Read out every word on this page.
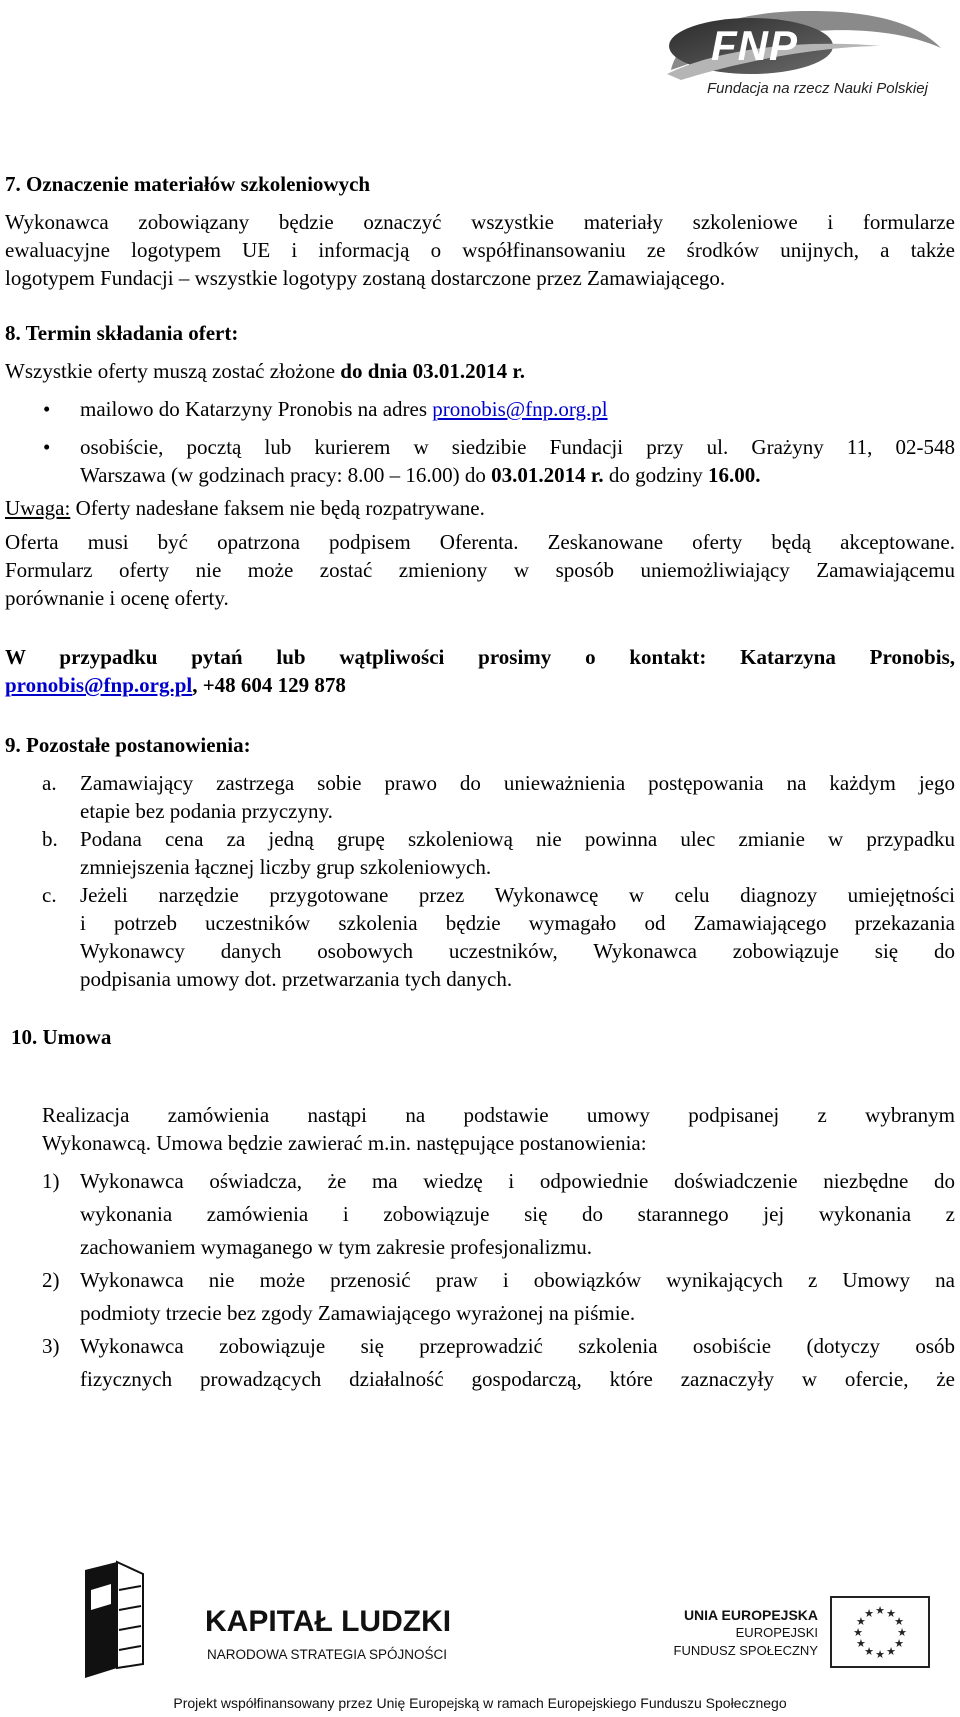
FNP
Fundacja na rzecz Nauki Polskiej

7. Oznaczenie materiałów szkoleniowych

Wykonawca zobowiązany będzie oznaczyć wszystkie materiały szkoleniowe i formularze

ewaluacyjne logotypem UE i informacją o współfinansowaniu ze środków unijnych, a także

logotypem Fundacji – wszystkie logotypy zostaną dostarczone przez Zamawiającego.

8. Termin składania ofert:

Wszystkie oferty muszą zostać złożone do dnia 03.01.2014 r.

• mailowo do Katarzyny Pronobis na adres pronobis@fnp.org.pl
• osobiście, pocztą lub kurierem w siedzibie Fundacji przy ul. Grażyny 11, 02-548

Warszawa (w godzinach pracy: 8.00 – 16.00) do 03.01.2014 r. do godziny 16.00.

Uwaga: Oferty nadesłane faksem nie będą rozpatrywane.

Oferta musi być opatrzona podpisem Oferenta. Zeskanowane oferty będą akceptowane.

Formularz oferty nie może zostać zmieniony w sposób uniemożliwiający Zamawiającemu

porównanie i ocenę oferty.

W przypadku pytań lub wątpliwości prosimy o kontakt: Katarzyna Pronobis,

pronobis@fnp.org.pl, +48 604 129 878

9. Pozostałe postanowienia:

a. Zamawiający zastrzega sobie prawo do unieważnienia postępowania na każdym jego

etapie bez podania przyczyny.

b. Podana cena za jedną grupę szkoleniową nie powinna ulec zmianie w przypadku

zmniejszenia łącznej liczby grup szkoleniowych.

c. Jeżeli narzędzie przygotowane przez Wykonawcę w celu diagnozy umiejętności

i potrzeb uczestników szkolenia będzie wymagało od Zamawiającego przekazania

Wykonawcy danych osobowych uczestników, Wykonawca zobowiązuje się do

podpisania umowy dot. przetwarzania tych danych.

10. Umowa

Realizacja zamówienia nastąpi na podstawie umowy podpisanej z wybranym

Wykonawcą. Umowa będzie zawierać m.in. następujące postanowienia:

1) Wykonawca oświadcza, że ma wiedzę i odpowiednie doświadczenie niezbędne do

wykonania zamówienia i zobowiązuje się do starannego jej wykonania z

zachowaniem wymaganego w tym zakresie profesjonalizmu.

2) Wykonawca nie może przenosić praw i obowiązków wynikających z Umowy na

podmioty trzecie bez zgody Zamawiającego wyrażonej na piśmie.

3) Wykonawca zobowiązuje się przeprowadzić szkolenia osobiście (dotyczy osób

fizycznych prowadzących działalność gospodarczą, które zaznaczyły w ofercie, że

KAPITAŁ LUDZKI
NARODOWA STRATEGIA SPÓJNOŚCI
UNIA EUROPEJSKA
EUROPEJSKI
FUNDUSZ SPOŁECZNY
★ ★
★
★
★
★
★
★
★
★
★
★
Projekt współfinansowany przez Unię Europejską w ramach Europejskiego Funduszu Społecznego
